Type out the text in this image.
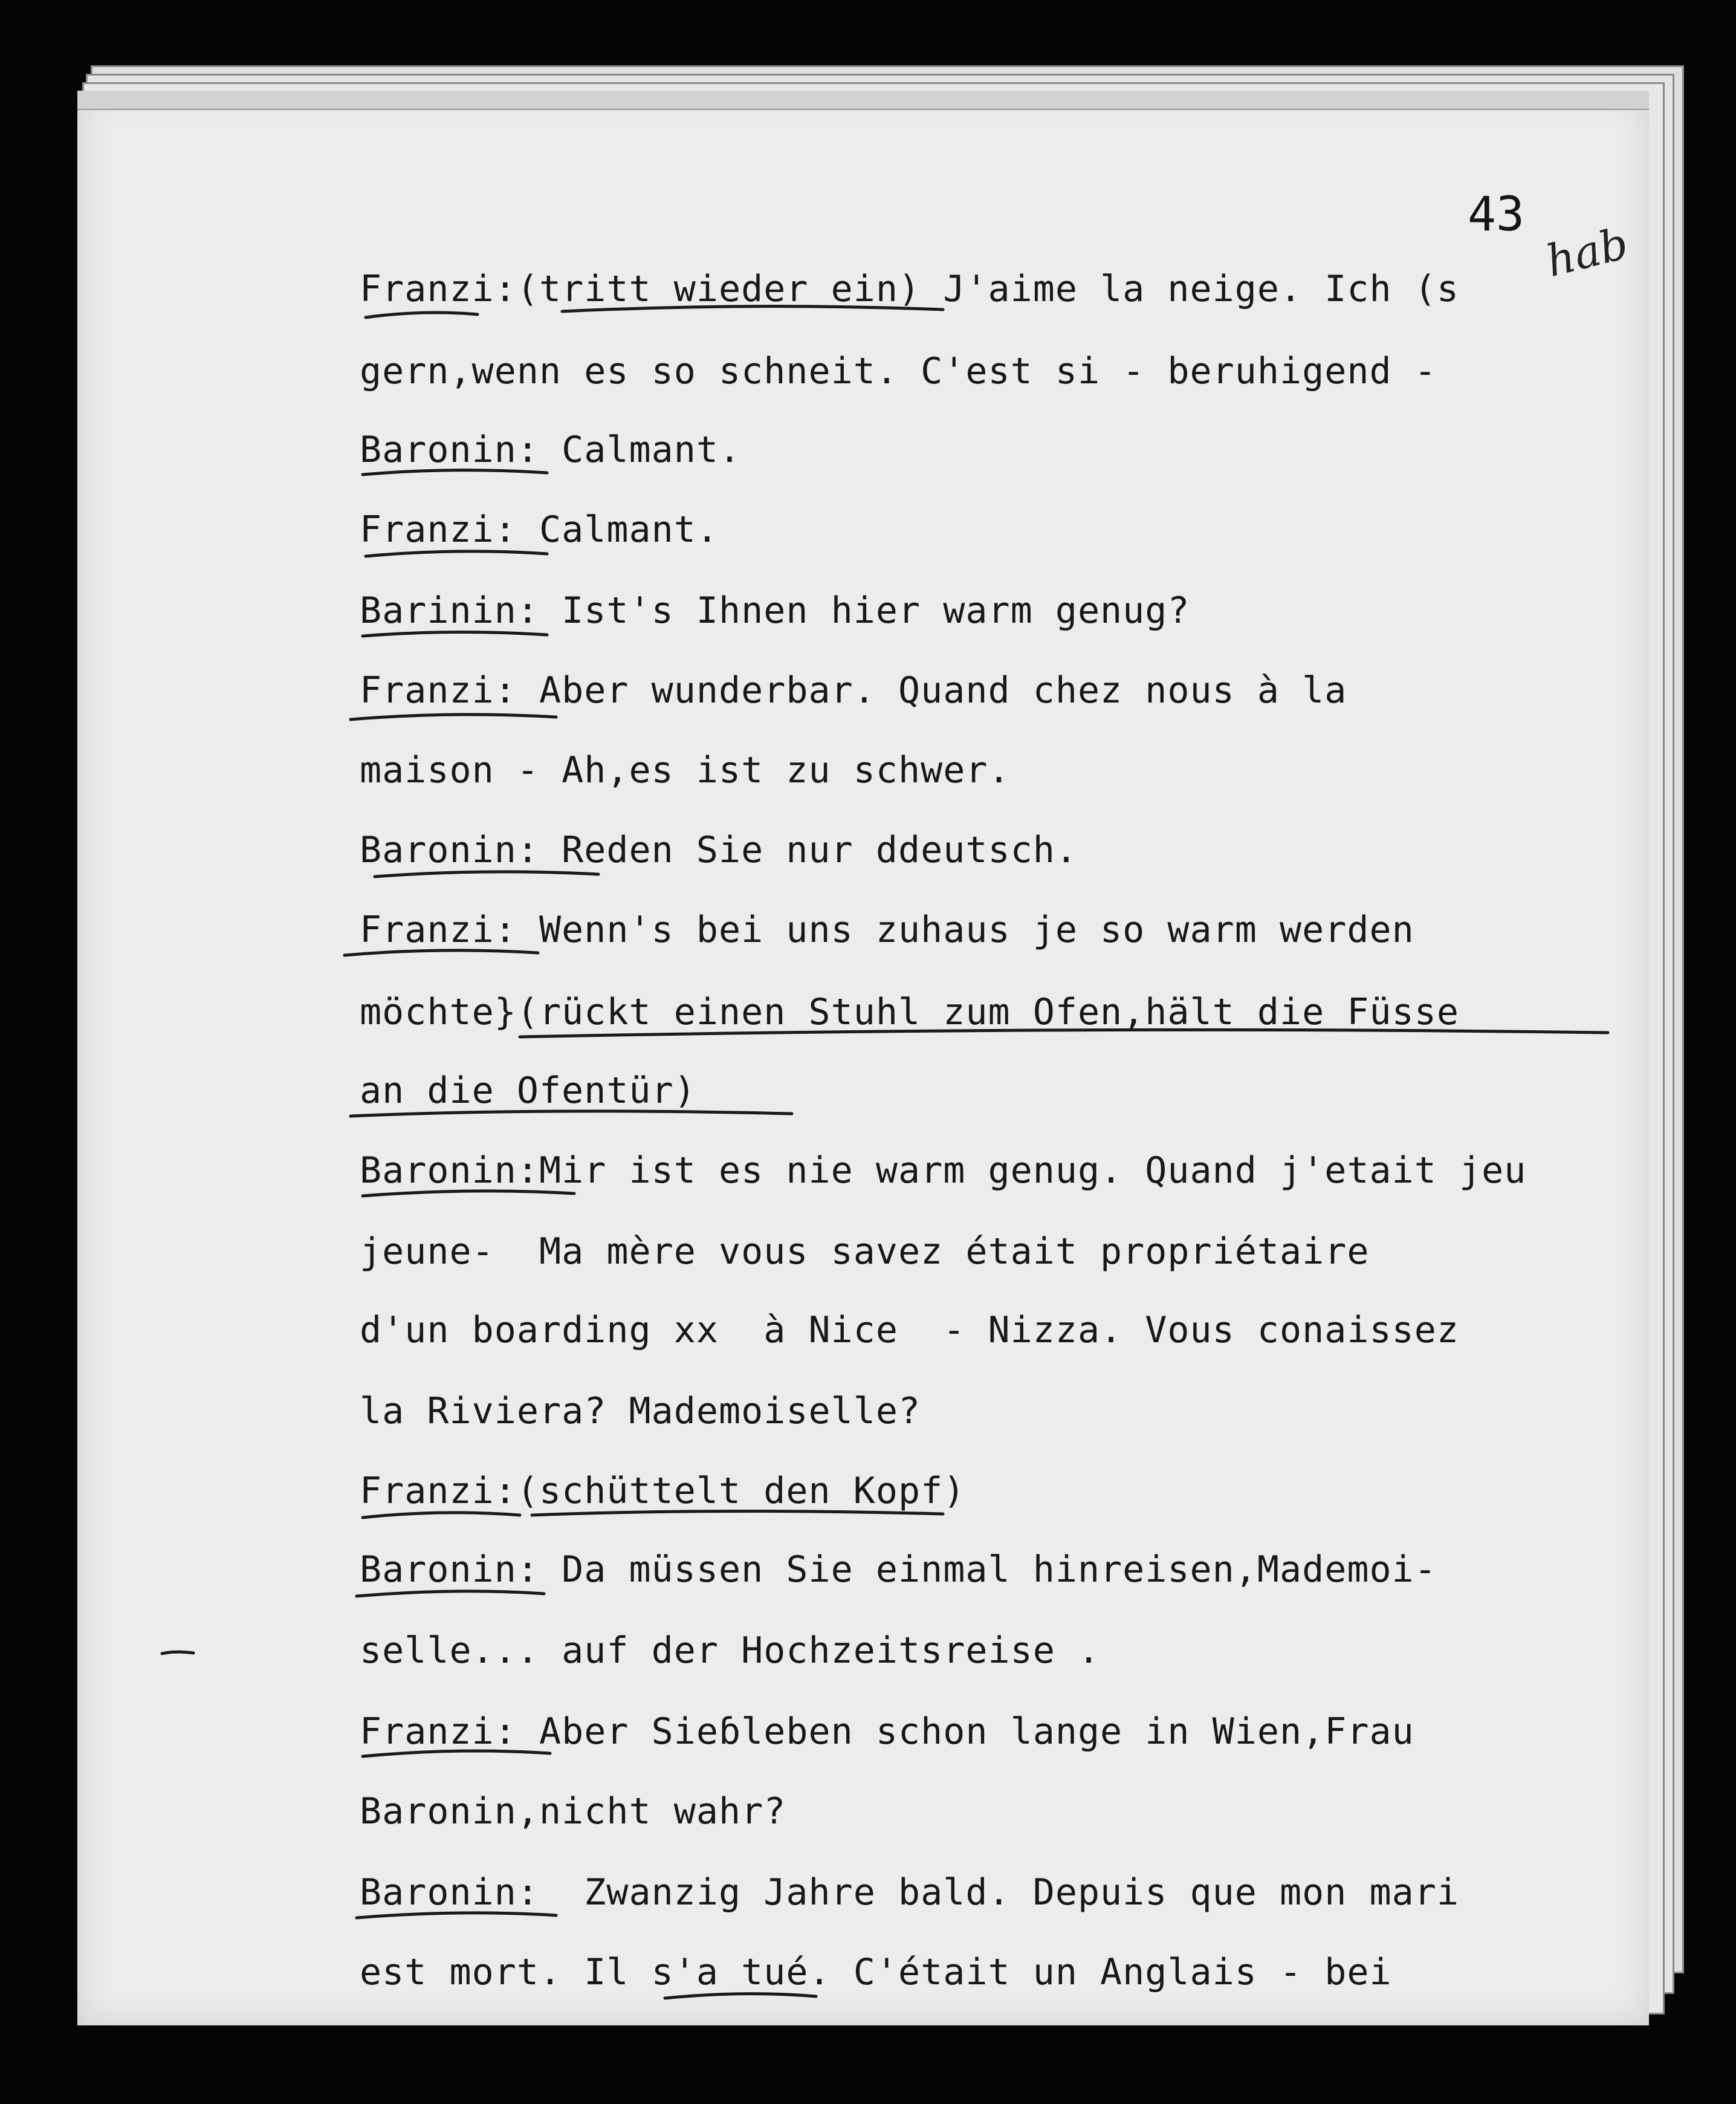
43
hab

Franzi:(tritt wieder ein) J'aime la neige. Ich (s

gern,wenn es so schneit. C'est si - beruhigend -

Baronin: Calmant.

Franzi: Calmant.

Barinin: Ist's Ihnen hier warm genug?

Franzi: Aber wunderbar. Quand chez nous à la

maison - Ah,es ist zu schwer.

Baronin: Reden Sie nur ddeutsch.

Franzi: Wenn's bei uns zuhaus je so warm werden

möchte}(rückt einen Stuhl zum Ofen,hält die Füsse

an die Ofentür)

Baronin:Mir ist es nie warm genug. Quand j'etait jeu

jeune-  Ma mère vous savez était propriétaire

d'un boarding xx  à Nice  - Nizza. Vous conaissez

la Riviera? Mademoiselle?

Franzi:(schüttelt den Kopf)

Baronin: Da müssen Sie einmal hinreisen,Mademoi-

selle... auf der Hochzeitsreise .

Franzi: Aber Sieɓleben schon lange in Wien,Frau

Baronin,nicht wahr?

Baronin:  Zwanzig Jahre bald. Depuis que mon mari

est mort. Il s'a tué. C'était un Anglais - bei
